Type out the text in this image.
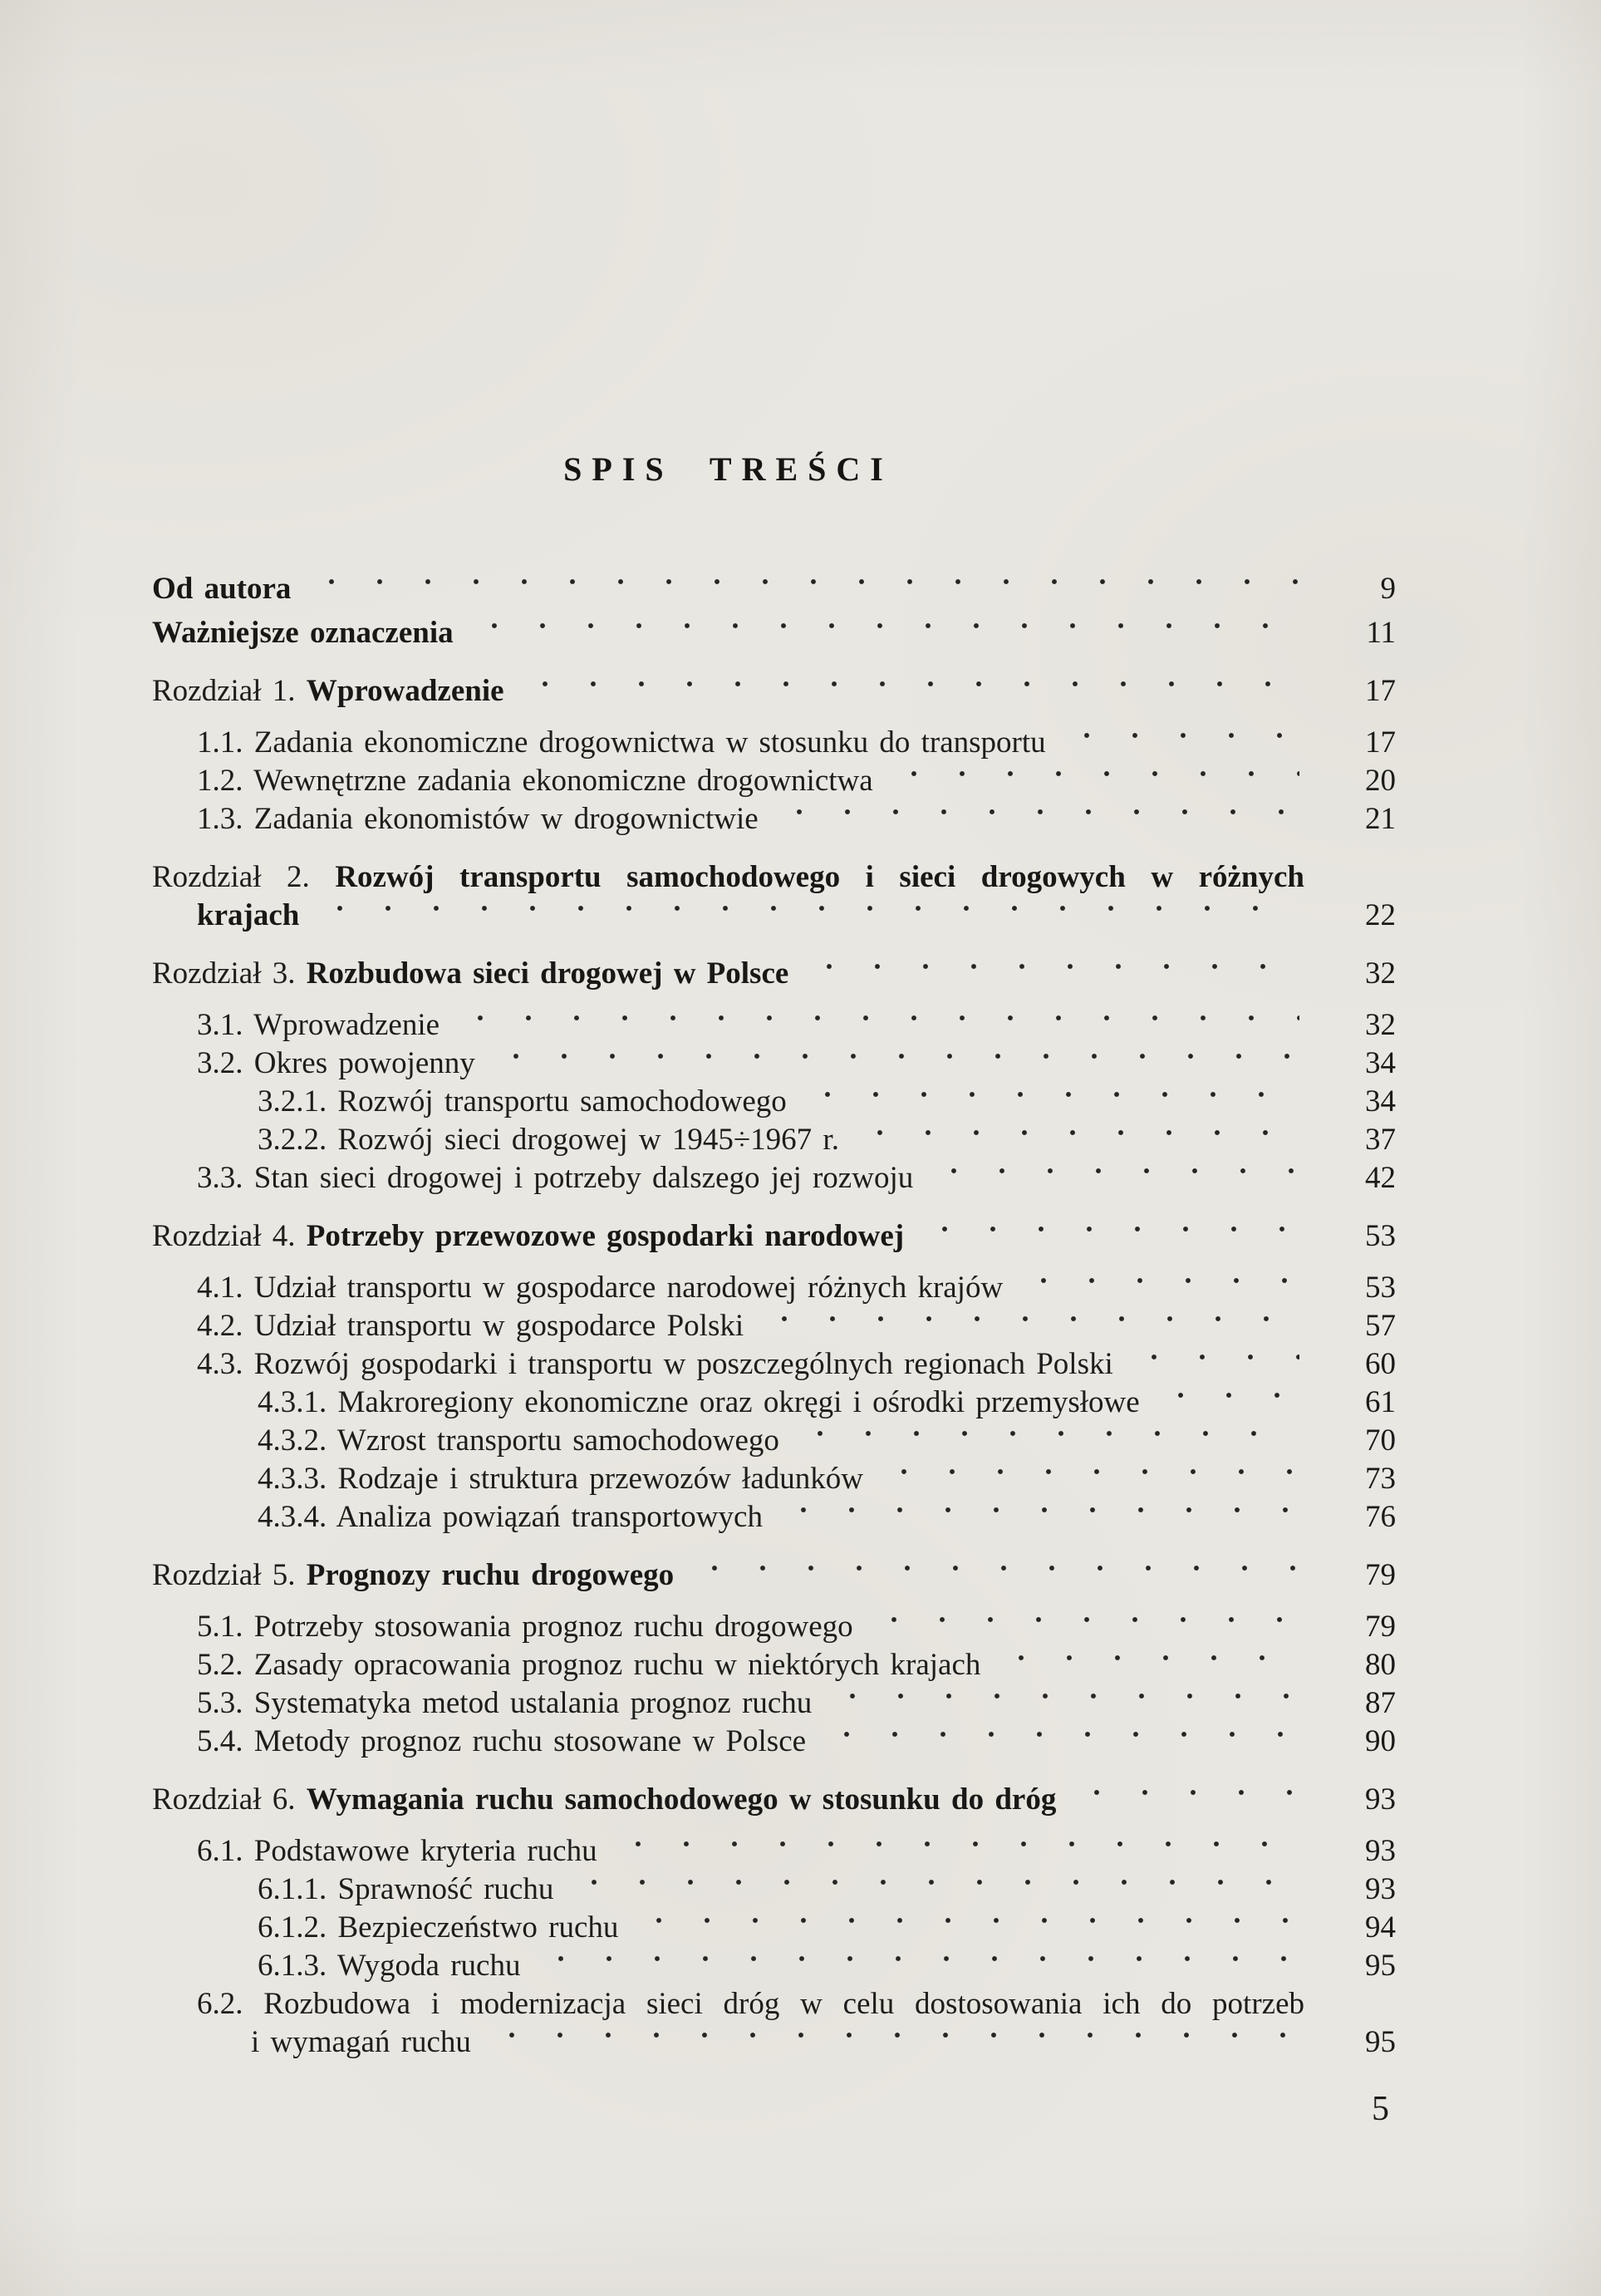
SPIS TREŚCI
Od autora	9
Ważniejsze oznaczenia	11
Rozdział 1. Wprowadzenie	17
1.1. Zadania ekonomiczne drogownictwa w stosunku do transportu	17
1.2. Wewnętrzne zadania ekonomiczne drogownictwa	20
1.3. Zadania ekonomistów w drogownictwie	21
Rozdział 2. Rozwój transportu samochodowego i sieci drogowych w różnych
krajach	22
Rozdział 3. Rozbudowa sieci drogowej w Polsce	32
3.1. Wprowadzenie	32
3.2. Okres powojenny	34
3.2.1. Rozwój transportu samochodowego	34
3.2.2. Rozwój sieci drogowej w 1945÷1967 r.	37
3.3. Stan sieci drogowej i potrzeby dalszego jej rozwoju	42
Rozdział 4. Potrzeby przewozowe gospodarki narodowej	53
4.1. Udział transportu w gospodarce narodowej różnych krajów	53
4.2. Udział transportu w gospodarce Polski	57
4.3. Rozwój gospodarki i transportu w poszczególnych regionach Polski	60
4.3.1. Makroregiony ekonomiczne oraz okręgi i ośrodki przemysłowe	61
4.3.2. Wzrost transportu samochodowego	70
4.3.3. Rodzaje i struktura przewozów ładunków	73
4.3.4. Analiza powiązań transportowych	76
Rozdział 5. Prognozy ruchu drogowego	79
5.1. Potrzeby stosowania prognoz ruchu drogowego	79
5.2. Zasady opracowania prognoz ruchu w niektórych krajach	80
5.3. Systematyka metod ustalania prognoz ruchu	87
5.4. Metody prognoz ruchu stosowane w Polsce	90
Rozdział 6. Wymagania ruchu samochodowego w stosunku do dróg	93
6.1. Podstawowe kryteria ruchu	93
6.1.1. Sprawność ruchu	93
6.1.2. Bezpieczeństwo ruchu	94
6.1.3. Wygoda ruchu	95
6.2. Rozbudowa i modernizacja sieci dróg w celu dostosowania ich do potrzeb
i wymagań ruchu	95
5
